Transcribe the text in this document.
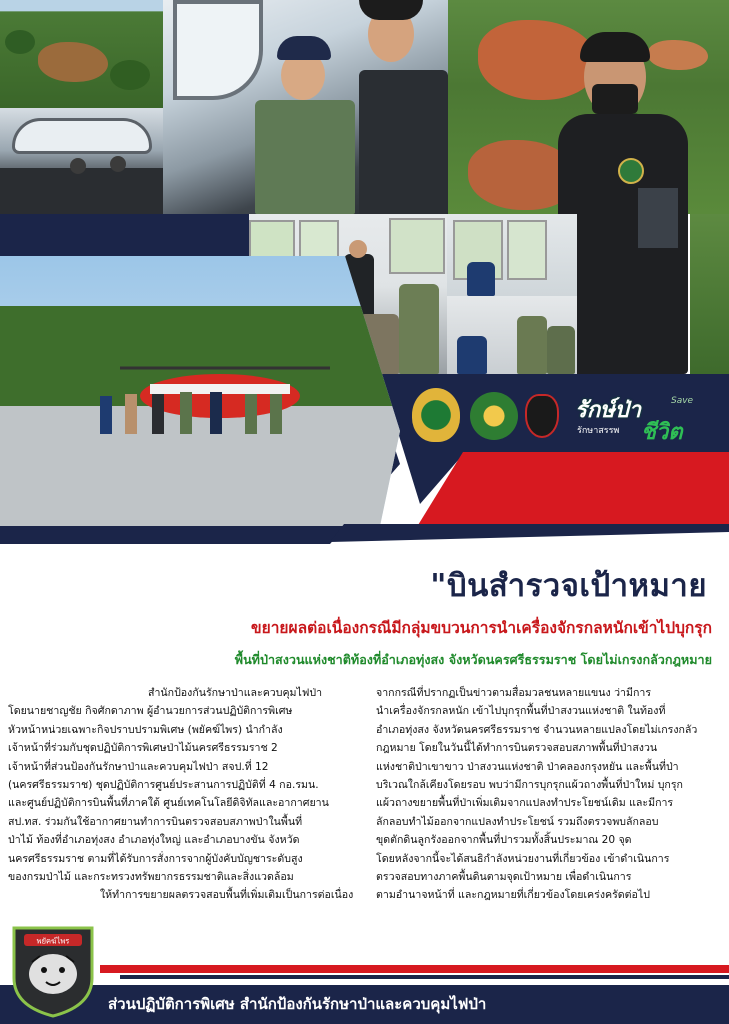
รักษ์ป่า	Save
รักษาสรรพ ชีวิต
"บินสำรวจเป้าหมาย
ขยายผลต่อเนื่องกรณีมีกลุ่มขบวนการนำเครื่องจักรกลหนักเข้าไปบุกรุก
พื้นที่ป่าสงวนแห่งชาติท้องที่อำเภอทุ่งสง จังหวัดนครศรีธรรมราช โดยไม่เกรงกลัวกฎหมาย

สำนักป้องกันรักษาป่าและควบคุมไฟป่า

โดยนายชาญชัย กิจศักดาภาพ ผู้อำนวยการส่วนปฏิบัติการพิเศษ

หัวหน้าหน่วยเฉพาะกิจปราบปรามพิเศษ (พยัคฆ์ไพร) นำกำลัง

เจ้าหน้าที่ร่วมกับชุดปฏิบัติการพิเศษป่าไม้นครศรีธรรมราช 2

เจ้าหน้าที่ส่วนป้องกันรักษาป่าและควบคุมไฟป่า สจป.ที่ 12

(นครศรีธรรมราช) ชุดปฏิบัติการศูนย์ประสานการปฏิบัติที่ 4 กอ.รมน.

และศูนย์ปฏิบัติการบินพื้นที่ภาคใต้ ศูนย์เทคโนโลยีดิจิทัลและอากาศยาน

สป.ทส. ร่วมกันใช้อากาศยานทำการบินตรวจสอบสภาพป่าในพื้นที่

ป่าไม้ ท้องที่อำเภอทุ่งสง อำเภอทุ่งใหญ่ และอำเภอบางขัน จังหวัด

นครศรีธรรมราช ตามที่ได้รับการสั่งการจากผู้บังคับบัญชาระดับสูง

ของกรมป่าไม้ และกระทรวงทรัพยากรธรรมชาติและสิ่งแวดล้อม

ให้ทำการขยายผลตรวจสอบพื้นที่เพิ่มเติมเป็นการต่อเนื่อง

จากกรณีที่ปรากฏเป็นข่าวตามสื่อมวลชนหลายแขนง ว่ามีการ

นำเครื่องจักรกลหนัก เข้าไปบุกรุกพื้นที่ป่าสงวนแห่งชาติ ในท้องที่

อำเภอทุ่งสง จังหวัดนครศรีธรรมราช จำนวนหลายแปลงโดยไม่เกรงกลัว

กฎหมาย โดยในวันนี้ได้ทำการบินตรวจสอบสภาพพื้นที่ป่าสงวน

แห่งชาติป่าเขาขาว ป่าสงวนแห่งชาติ ป่าคลองกรุงหยัน และพื้นที่ป่า

บริเวณใกล้เคียงโดยรอบ พบว่ามีการบุกรุกแผ้วถางพื้นที่ป่าใหม่ บุกรุก

แผ้วถางขยายพื้นที่ป่าเพิ่มเติมจากแปลงทำประโยชน์เดิม และมีการ

ลักลอบทำไม้ออกจากแปลงทำประโยชน์ รวมถึงตรวจพบลักลอบ

ขุดตักดินลูกรังออกจากพื้นที่ปารวมทั้งสิ้นประมาณ 20 จุด

โดยหลังจากนี้จะได้สนธิกำลังหน่วยงานที่เกี่ยวข้อง เข้าดำเนินการ

ตรวจสอบทางภาคพื้นดินตามจุดเป้าหมาย เพื่อดำเนินการ

ตามอำนาจหน้าที่ และกฎหมายที่เกี่ยวข้องโดยเคร่งครัดต่อไป

ส่วนปฏิบัติการพิเศษ สำนักป้องกันรักษาป่าและควบคุมไฟป่า
พยัคฆ์ไพร
